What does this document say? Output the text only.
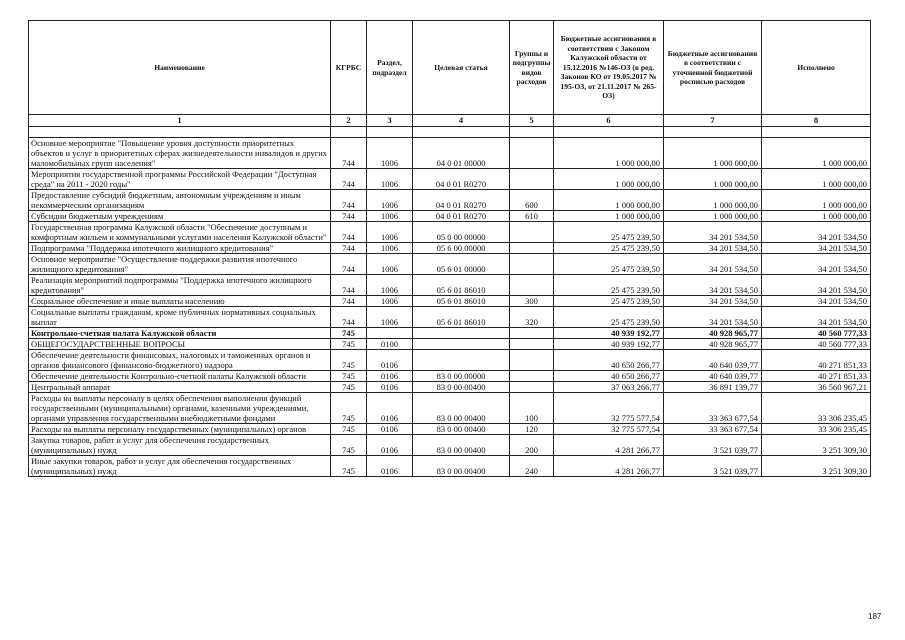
Наименование	КГРБС	Раздел, подраздел	Целевая статья	Группы и подгруппы видов расходов	Бюджетные ассигнования в соответствии с Законом Калужской области от 15.12.2016 №146-ОЗ (в ред. Законов КО от 19.05.2017 № 195-ОЗ, от 21.11.2017 № 265-ОЗ)	Бюджетные ассигнования в соответствии с уточненной бюджетной росписью расходов	Исполнено
1	2	3	4	5	6	7	8

Основное мероприятие "Повышение уровня доступности приоритетных объектов и услуг в приоритетных сферах жизнедеятельности инвалидов и других маломобильных групп населения"	744	1006	04 0 01 00000		1 000 000,00	1 000 000,00	1 000 000,00
Мероприятия государственной программы Российской Федерации "Доступная среда" на 2011 - 2020 годы"	744	1006	04 0 01 R0270		1 000 000,00	1 000 000,00	1 000 000,00
Предоставление субсидий бюджетным, автономным учреждениям и иным некоммерческим организациям	744	1006	04 0 01 R0270	600	1 000 000,00	1 000 000,00	1 000 000,00
Субсидии бюджетным учреждениям	744	1006	04 0 01 R0270	610	1 000 000,00	1 000 000,00	1 000 000,00
Государственная программа Калужской области "Обеспечение доступным и комфортным жильем и коммунальными услугами населения Калужской области"	744	1006	05 0 00 00000		25 475 239,50	34 201 534,50	34 201 534,50
Подпрограмма "Поддержка ипотечного жилищного кредитования"	744	1006	05 6 00 00000		25 475 239,50	34 201 534,50	34 201 534,50
Основное мероприятие "Осуществление поддержки развития ипотечного жилищного кредитования"	744	1006	05 6 01 00000		25 475 239,50	34 201 534,50	34 201 534,50
Реализация мероприятий подпрограммы "Поддержка ипотечного жилищного кредитования"	744	1006	05 6 01 86010		25 475 239,50	34 201 534,50	34 201 534,50
Социальное обеспечение и иные выплаты населению	744	1006	05 6 01 86010	300	25 475 239,50	34 201 534,50	34 201 534,50
Социальные выплаты гражданам, кроме публичных нормативных социальных выплат	744	1006	05 6 01 86010	320	25 475 239,50	34 201 534,50	34 201 534,50
Контрольно-счетная палата Калужской области	745				40 939 192,77	40 928 965,77	40 560 777,33
ОБЩЕГОСУДАРСТВЕННЫЕ ВОПРОСЫ	745	0100			40 939 192,77	40 928 965,77	40 560 777,33
Обеспечение деятельности финансовых, налоговых и таможенных органов и органов финансового (финансово-бюджетного) надзора	745	0106			40 650 266,77	40 640 039,77	40 271 851,33
Обеспечение деятельности Контрольно-счетной палаты Калужской области	745	0106	83 0 00 00000		40 650 266,77	40 640 039,77	40 271 851,33
Центральный аппарат	745	0106	83 0 00 00400		37 063 266,77	36 891 139,77	36 560 967,21
Расходы на выплаты персоналу в целях обеспечения выполнения функций государственными (муниципальными) органами, казенными учреждениями, органами управления государственными внебюджетными фондами	745	0106	83 0 00 00400	100	32 775 577,54	33 363 677,54	33 306 235,45
Расходы на выплаты персоналу государственных (муниципальных) органов	745	0106	83 0 00 00400	120	32 775 577,54	33 363 677,54	33 306 235,45
Закупка товаров, работ и услуг для обеспечения государственных (муниципальных) нужд	745	0106	83 0 00 00400	200	4 281 266,77	3 521 039,77	3 251 309,30
Иные закупки товаров, работ и услуг для обеспечения государственных (муниципальных) нужд	745	0106	83 0 00 00400	240	4 281 266,77	3 521 039,77	3 251 309,30
187
